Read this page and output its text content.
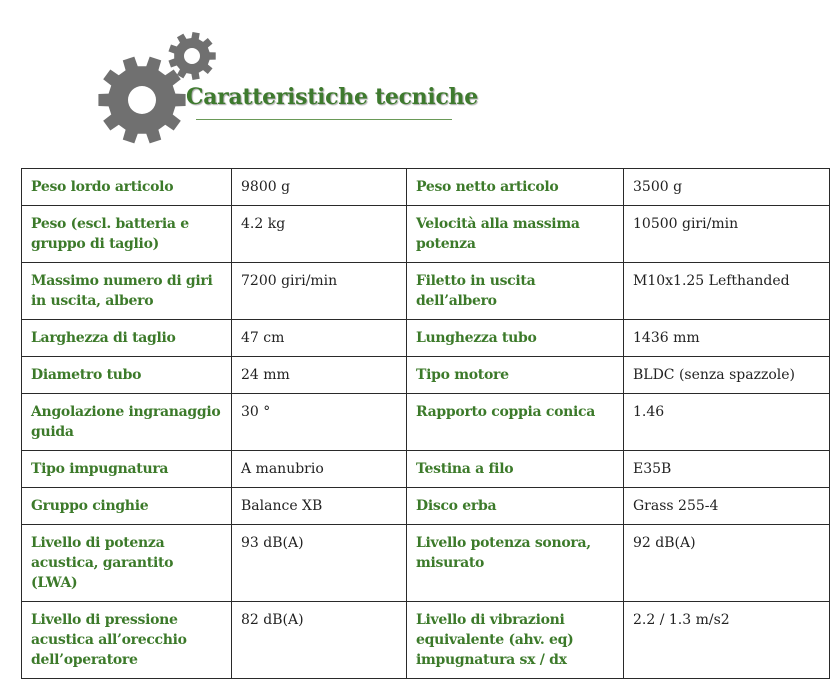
Caratteristiche tecniche
Peso lordo articolo	9800 g	Peso netto articolo	3500 g
Peso (escl. batteria e gruppo di taglio)	4.2 kg	Velocità alla massima potenza	10500 giri/min
Massimo numero di giri in uscita, albero	7200 giri/min	Filetto in uscita dell’albero	M10x1.25 Lefthanded
Larghezza di taglio	47 cm	Lunghezza tubo	1436 mm
Diametro tubo	24 mm	Tipo motore	BLDC (senza spazzole)
Angolazione ingranaggio guida	30 °	Rapporto coppia conica	1.46
Tipo impugnatura	A manubrio	Testina a filo	E35B
Gruppo cinghie	Balance XB	Disco erba	Grass 255-4
Livello di potenza acustica, garantito (LWA)	93 dB(A)	Livello potenza sonora, misurato	92 dB(A)
Livello di pressione acustica all’orecchio dell’operatore	82 dB(A)	Livello di vibrazioni equivalente (ahv. eq) impugnatura sx / dx	2.2 / 1.3 m/s2
